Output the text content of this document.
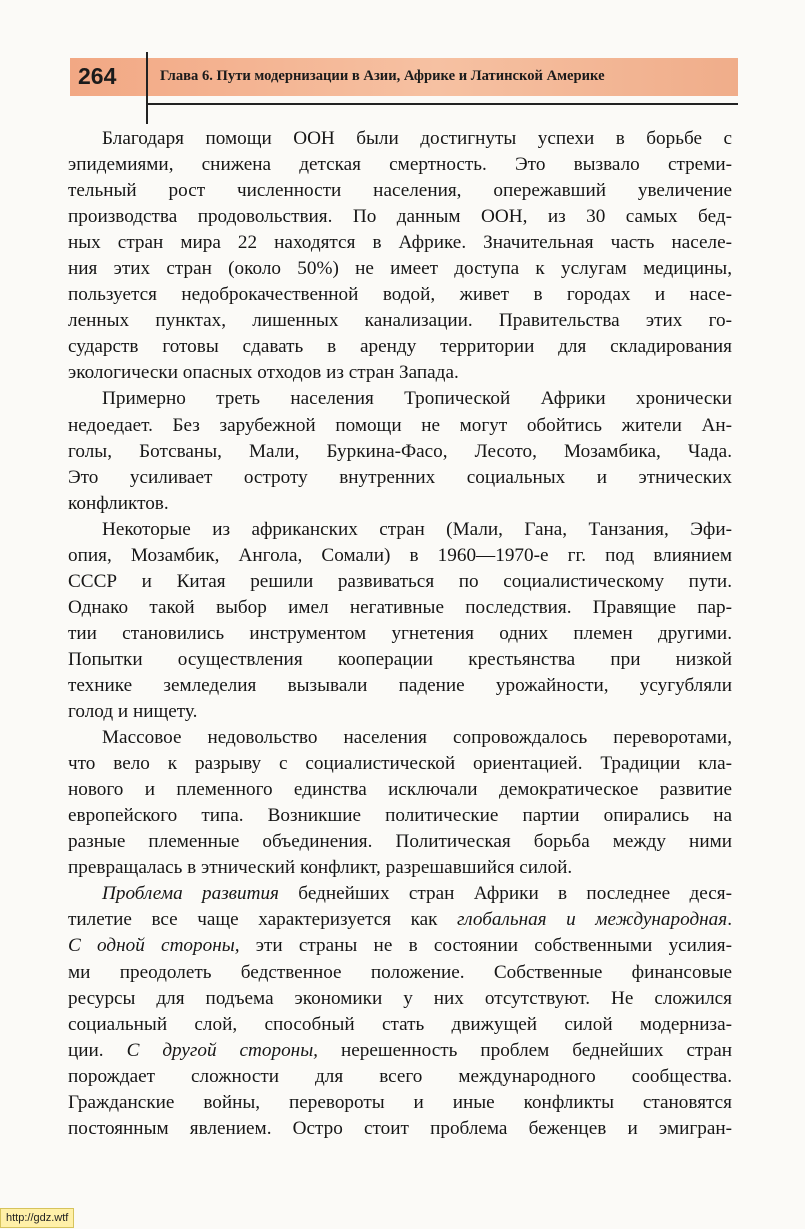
264	Глава 6. Пути модернизации в Азии, Африке и Латинской Америке
Благодаря помощи ООН были достигнуты успехи в борьбе с
эпидемиями, снижена детская смертность. Это вызвало стреми-
тельный рост численности населения, опережавший увеличение
производства продовольствия. По данным ООН, из 30 самых бед-
ных стран мира 22 находятся в Африке. Значительная часть населе-
ния этих стран (около 50%) не имеет доступа к услугам медицины,
пользуется недоброкачественной водой, живет в городах и насе-
ленных пунктах, лишенных канализации. Правительства этих го-
сударств готовы сдавать в аренду территории для складирования
экологически опасных отходов из стран Запада.
Примерно треть населения Тропической Африки хронически
недоедает. Без зарубежной помощи не могут обойтись жители Ан-
голы, Ботсваны, Мали, Буркина-Фасо, Лесото, Мозамбика, Чада.
Это усиливает остроту внутренних социальных и этнических
конфликтов.
Некоторые из африканских стран (Мали, Гана, Танзания, Эфи-
опия, Мозамбик, Ангола, Сомали) в 1960—1970-е гг. под влиянием
СССР и Китая решили развиваться по социалистическому пути.
Однако такой выбор имел негативные последствия. Правящие пар-
тии становились инструментом угнетения одних племен другими.
Попытки осуществления кооперации крестьянства при низкой
технике земледелия вызывали падение урожайности, усугубляли
голод и нищету.
Массовое недовольство населения сопровождалось переворотами,
что вело к разрыву с социалистической ориентацией. Традиции кла-
нового и племенного единства исключали демократическое развитие
европейского типа. Возникшие политические партии опирались на
разные племенные объединения. Политическая борьба между ними
превращалась в этнический конфликт, разрешавшийся силой.
Проблема развития беднейших стран Африки в последнее деся-
тилетие все чаще характеризуется как глобальная и международная.
С одной стороны, эти страны не в состоянии собственными усилия-
ми преодолеть бедственное положение. Собственные финансовые
ресурсы для подъема экономики у них отсутствуют. Не сложился
социальный слой, способный стать движущей силой модерниза-
ции. С другой стороны, нерешенность проблем беднейших стран
порождает сложности для всего международного сообщества.
Гражданские войны, перевороты и иные конфликты становятся
постоянным явлением. Остро стоит проблема беженцев и эмигран-
http://gdz.wtf
